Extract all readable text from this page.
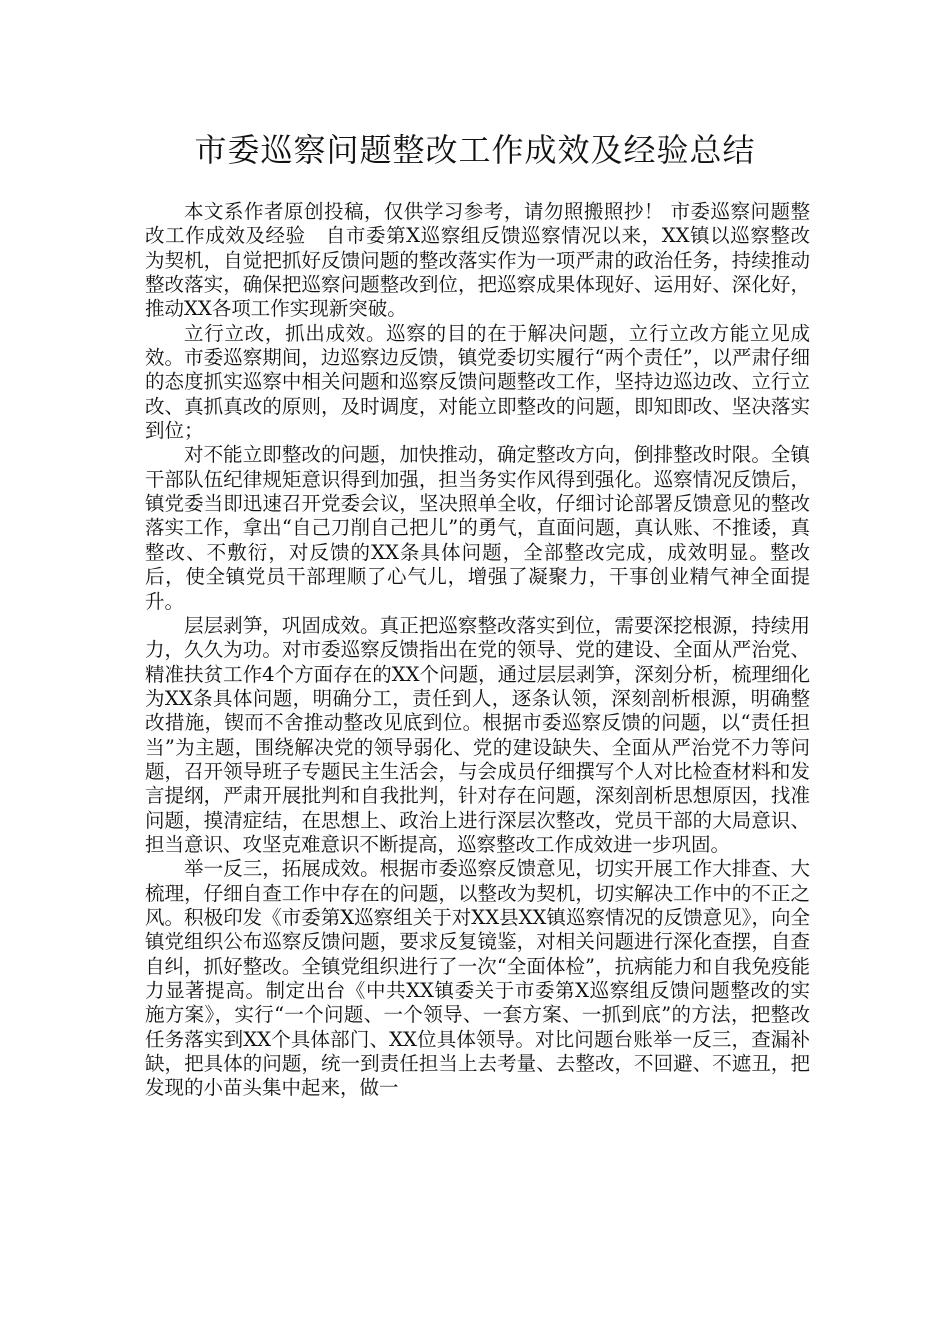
市委巡察问题整改工作成效及经验总结

本文系作者原创投稿，仅供学习参考，请勿照搬照抄！ 市委巡察问题整改工作成效及经验　自市委第X巡察组反馈巡察情况以来，XX镇以巡察整改为契机，自觉把抓好反馈问题的整改落实作为一项严肃的政治任务，持续推动整改落实，确保把巡察问题整改到位，把巡察成果体现好、运用好、深化好，推动XX各项工作实现新突破。

立行立改，抓出成效。巡察的目的在于解决问题，立行立改方能立见成效。市委巡察期间，边巡察边反馈，镇党委切实履行“两个责任”，以严肃仔细的态度抓实巡察中相关问题和巡察反馈问题整改工作，坚持边巡边改、立行立改、真抓真改的原则，及时调度，对能立即整改的问题，即知即改、坚决落实到位；

对不能立即整改的问题，加快推动，确定整改方向，倒排整改时限。全镇干部队伍纪律规矩意识得到加强，担当务实作风得到强化。巡察情况反馈后，镇党委当即迅速召开党委会议，坚决照单全收，仔细讨论部署反馈意见的整改落实工作，拿出“自己刀削自己把儿”的勇气，直面问题，真认账、不推诿，真整改、不敷衍，对反馈的XX条具体问题，全部整改完成，成效明显。整改后，使全镇党员干部理顺了心气儿，增强了凝聚力，干事创业精气神全面提升。

层层剥笋，巩固成效。真正把巡察整改落实到位，需要深挖根源，持续用力，久久为功。对市委巡察反馈指出在党的领导、党的建设、全面从严治党、精准扶贫工作4个方面存在的XX个问题，通过层层剥笋，深刻分析，梳理细化为XX条具体问题，明确分工，责任到人，逐条认领，深刻剖析根源，明确整改措施，锲而不舍推动整改见底到位。根据市委巡察反馈的问题，以“责任担当”为主题，围绕解决党的领导弱化、党的建设缺失、全面从严治党不力等问题，召开领导班子专题民主生活会，与会成员仔细撰写个人对比检查材料和发言提纲，严肃开展批判和自我批判，针对存在问题，深刻剖析思想原因，找准问题，摸清症结，在思想上、政治上进行深层次整改，党员干部的大局意识、担当意识、攻坚克难意识不断提高，巡察整改工作成效进一步巩固。

举一反三，拓展成效。根据市委巡察反馈意见，切实开展工作大排查、大梳理，仔细自查工作中存在的问题，以整改为契机，切实解决工作中的不正之风。积极印发《市委第X巡察组关于对XX县XX镇巡察情况的反馈意见》，向全镇党组织公布巡察反馈问题，要求反复镜鉴，对相关问题进行深化查摆，自查自纠，抓好整改。全镇党组织进行了一次“全面体检”，抗病能力和自我免疫能力显著提高。制定出台《中共XX镇委关于市委第X巡察组反馈问题整改的实施方案》，实行“一个问题、一个领导、一套方案、一抓到底”的方法，把整改任务落实到XX个具体部门、XX位具体领导。对比问题台账举一反三，查漏补缺，把具体的问题，统一到责任担当上去考量、去整改，不回避、不遮丑，把发现的小苗头集中起来，做一
